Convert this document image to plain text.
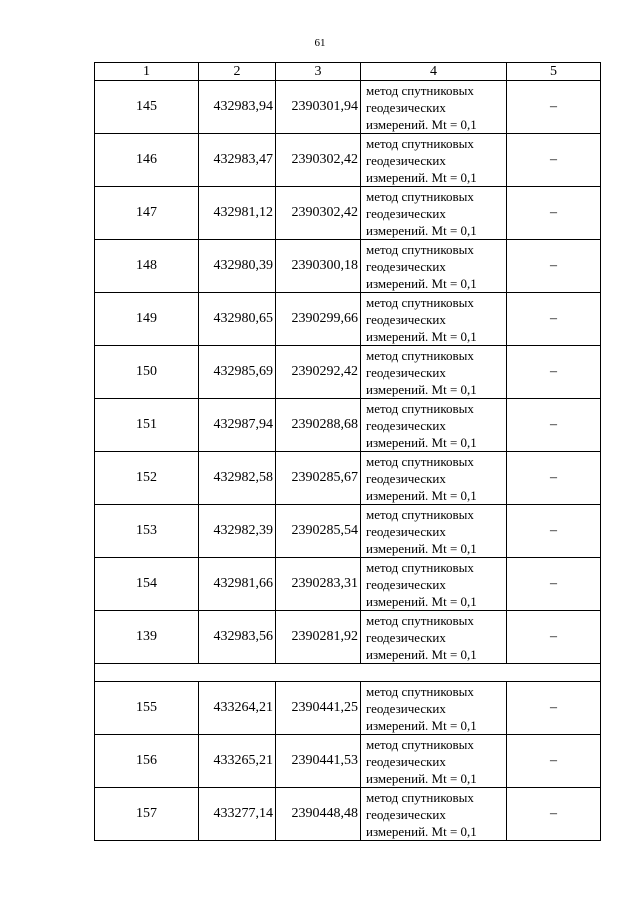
61
1	2	3	4	5
145	432983,94	2390301,94	метод спутниковых
геодезических
измерений. Mt = 0,1	–
146	432983,47	2390302,42	метод спутниковых
геодезических
измерений. Mt = 0,1	–
147	432981,12	2390302,42	метод спутниковых
геодезических
измерений. Mt = 0,1	–
148	432980,39	2390300,18	метод спутниковых
геодезических
измерений. Mt = 0,1	–
149	432980,65	2390299,66	метод спутниковых
геодезических
измерений. Mt = 0,1	–
150	432985,69	2390292,42	метод спутниковых
геодезических
измерений. Mt = 0,1	–
151	432987,94	2390288,68	метод спутниковых
геодезических
измерений. Mt = 0,1	–
152	432982,58	2390285,67	метод спутниковых
геодезических
измерений. Mt = 0,1	–
153	432982,39	2390285,54	метод спутниковых
геодезических
измерений. Mt = 0,1	–
154	432981,66	2390283,31	метод спутниковых
геодезических
измерений. Mt = 0,1	–
139	432983,56	2390281,92	метод спутниковых
геодезических
измерений. Mt = 0,1	–

155	433264,21	2390441,25	метод спутниковых
геодезических
измерений. Mt = 0,1	–
156	433265,21	2390441,53	метод спутниковых
геодезических
измерений. Mt = 0,1	–
157	433277,14	2390448,48	метод спутниковых
геодезических
измерений. Mt = 0,1	–
